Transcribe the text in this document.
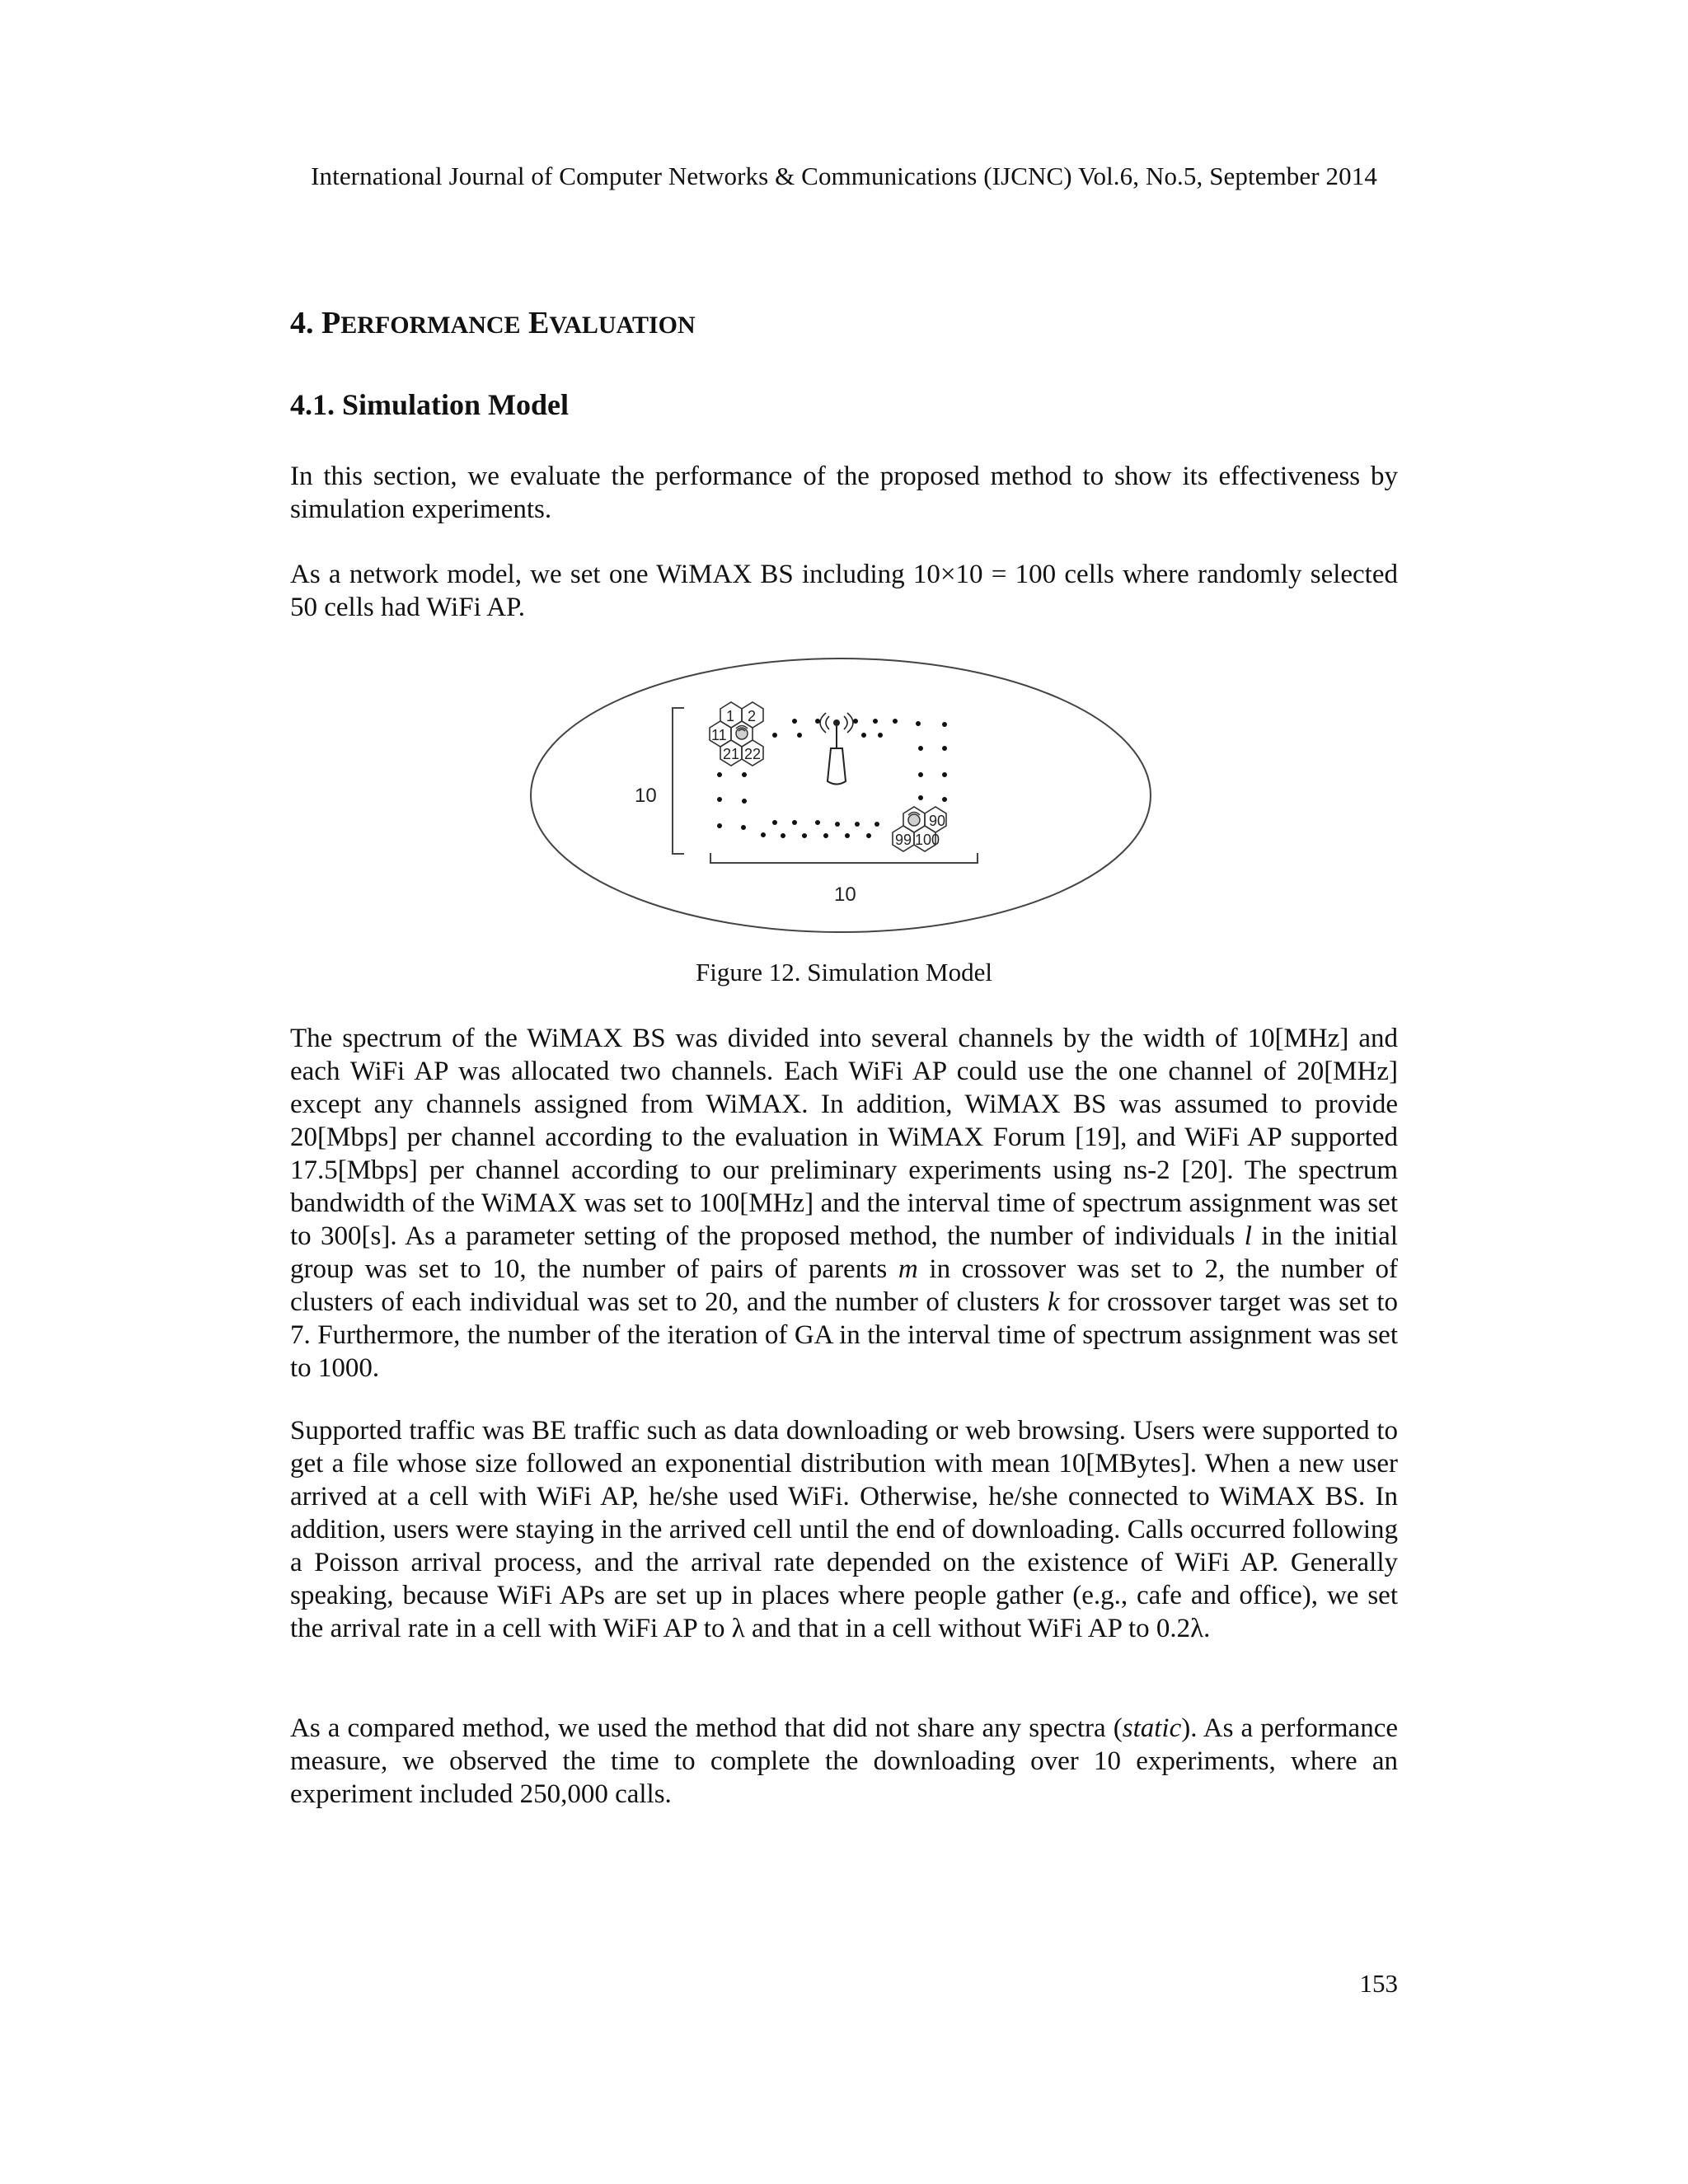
International Journal of Computer Networks & Communications (IJCNC) Vol.6, No.5, September 2014
4. PERFORMANCE EVALUATION
4.1. Simulation Model

In this section, we evaluate the performance of the proposed method to show its effectiveness by simulation experiments.

As a network model, we set one WiMAX BS including 10×10 = 100 cells where randomly selected 50 cells had WiFi AP.

10
10
1 2
11
21 22
90
99 100
Figure 12. Simulation Model

The spectrum of the WiMAX BS was divided into several channels by the width of 10[MHz] and each WiFi AP was allocated two channels. Each WiFi AP could use the one channel of 20[MHz] except any channels assigned from WiMAX. In addition, WiMAX BS was assumed to provide 20[Mbps] per channel according to the evaluation in WiMAX Forum [19], and WiFi AP supported 17.5[Mbps] per channel according to our preliminary experiments using ns-2 [20]. The spectrum bandwidth of the WiMAX was set to 100[MHz] and the interval time of spectrum assignment was set to 300[s]. As a parameter setting of the proposed method, the number of individuals l in the initial group was set to 10, the number of pairs of parents m in crossover was set to 2, the number of clusters of each individual was set to 20, and the number of clusters k for crossover target was set to 7. Furthermore, the number of the iteration of GA in the interval time of spectrum assignment was set to 1000.

Supported traffic was BE traffic such as data downloading or web browsing. Users were supported to get a file whose size followed an exponential distribution with mean 10[MBytes]. When a new user arrived at a cell with WiFi AP, he/she used WiFi. Otherwise, he/she connected to WiMAX BS. In addition, users were staying in the arrived cell until the end of downloading. Calls occurred following a Poisson arrival process, and the arrival rate depended on the existence of WiFi AP. Generally speaking, because WiFi APs are set up in places where people gather (e.g., cafe and office), we set the arrival rate in a cell with WiFi AP to λ and that in a cell without WiFi AP to 0.2λ.

As a compared method, we used the method that did not share any spectra (static). As a performance measure, we observed the time to complete the downloading over 10 experiments, where an experiment included 250,000 calls.

153
